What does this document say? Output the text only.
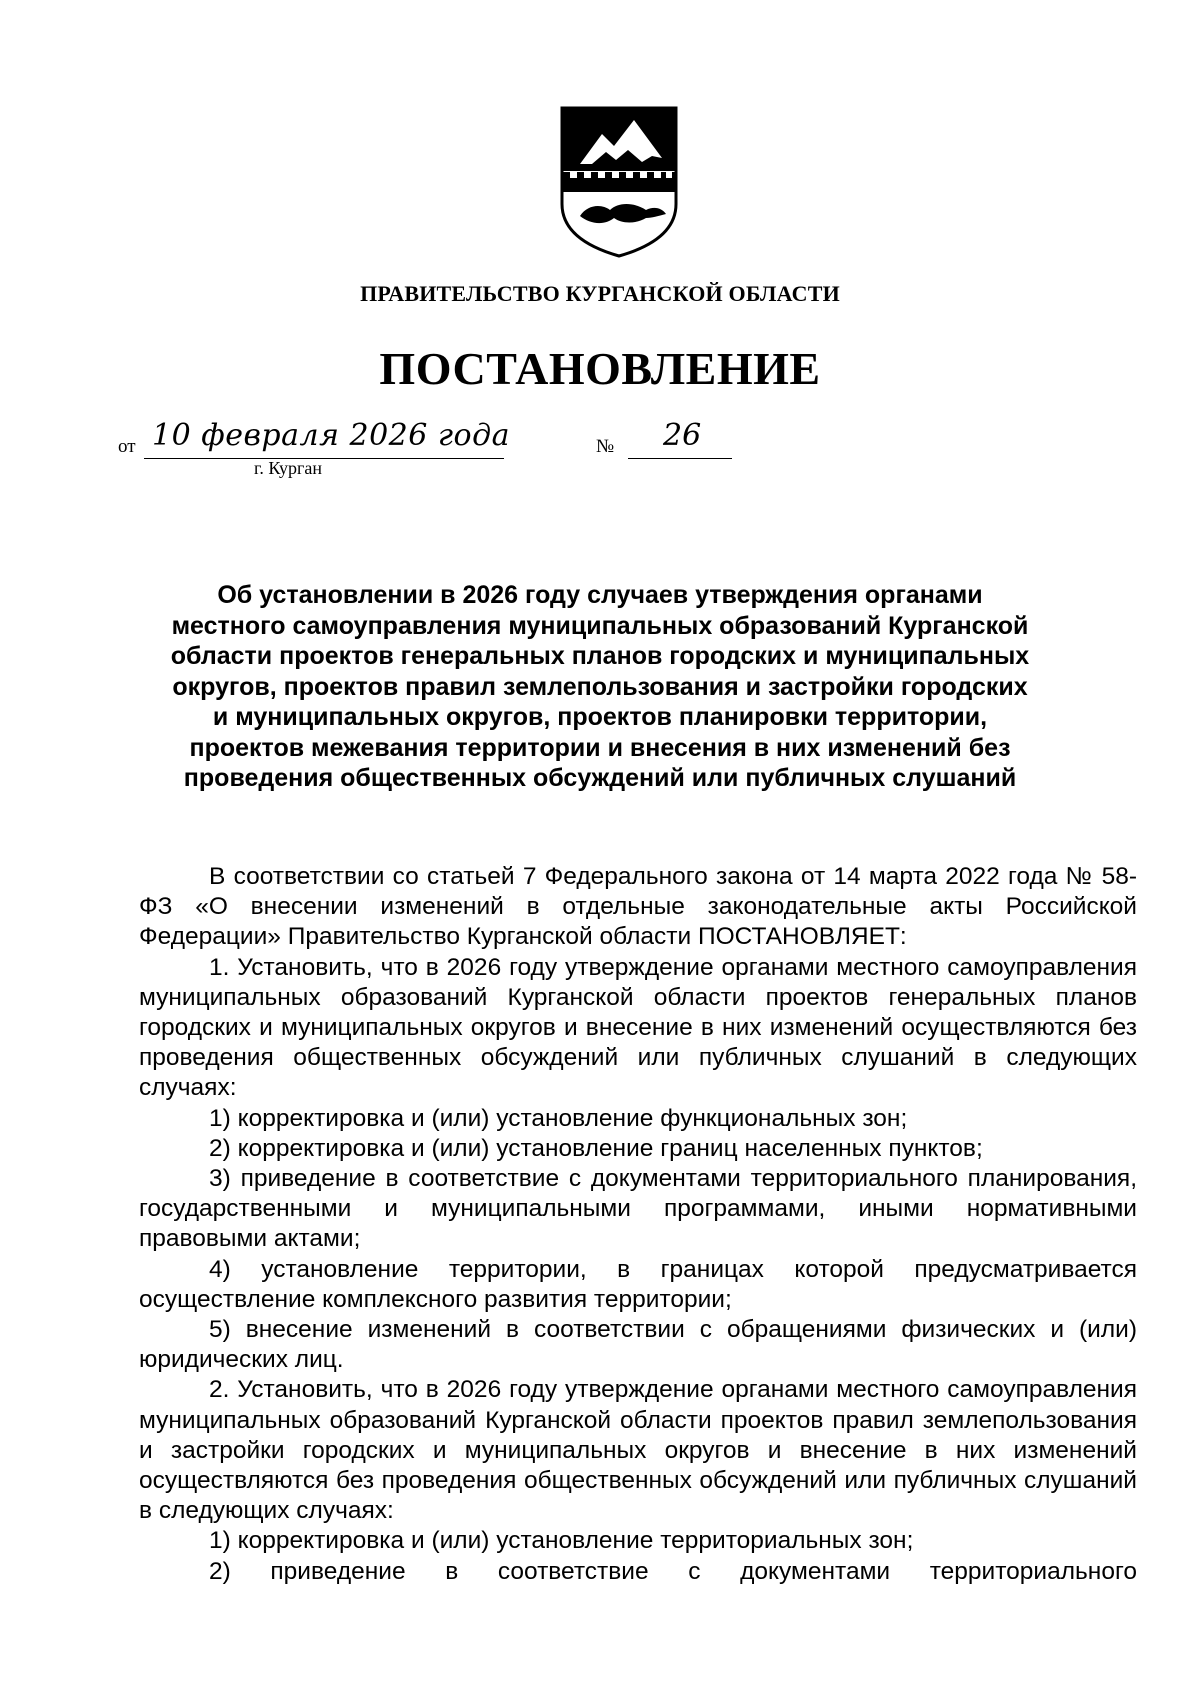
ПРАВИТЕЛЬСТВО КУРГАНСКОЙ ОБЛАСТИ
ПОСТАНОВЛЕНИЕ
от 10 февраля 2026 года	№ 26
г. Курган
Об установлении в 2026 году случаев утверждения органами местного самоуправления муниципальных образований Курганской области проектов генеральных планов городских и муниципальных округов, проектов правил землепользования и застройки городских и муниципальных округов, проектов планировки территории, проектов межевания территории и внесения в них изменений без проведения общественных обсуждений или публичных слушаний

В соответствии со статьей 7 Федерального закона от 14 марта 2022 года № 58-ФЗ «О внесении изменений в отдельные законодательные акты Российской Федерации» Правительство Курганской области ПОСТАНОВЛЯЕТ:

1. Установить, что в 2026 году утверждение органами местного самоуправления муниципальных образований Курганской области проектов генеральных планов городских и муниципальных округов и внесение в них изменений осуществляются без проведения общественных обсуждений или публичных слушаний в следующих случаях:

1) корректировка и (или) установление функциональных зон;

2) корректировка и (или) установление границ населенных пунктов;

3) приведение в соответствие с документами территориального планирования, государственными и муниципальными программами, иными нормативными правовыми актами;

4) установление территории, в границах которой предусматривается осуществление комплексного развития территории;

5) внесение изменений в соответствии с обращениями физических и (или) юридических лиц.

2. Установить, что в 2026 году утверждение органами местного самоуправления муниципальных образований Курганской области проектов правил землепользования и застройки городских и муниципальных округов и внесение в них изменений осуществляются без проведения общественных обсуждений или публичных слушаний в следующих случаях:

1) корректировка и (или) установление территориальных зон;

2) приведение в соответствие с документами территориального
